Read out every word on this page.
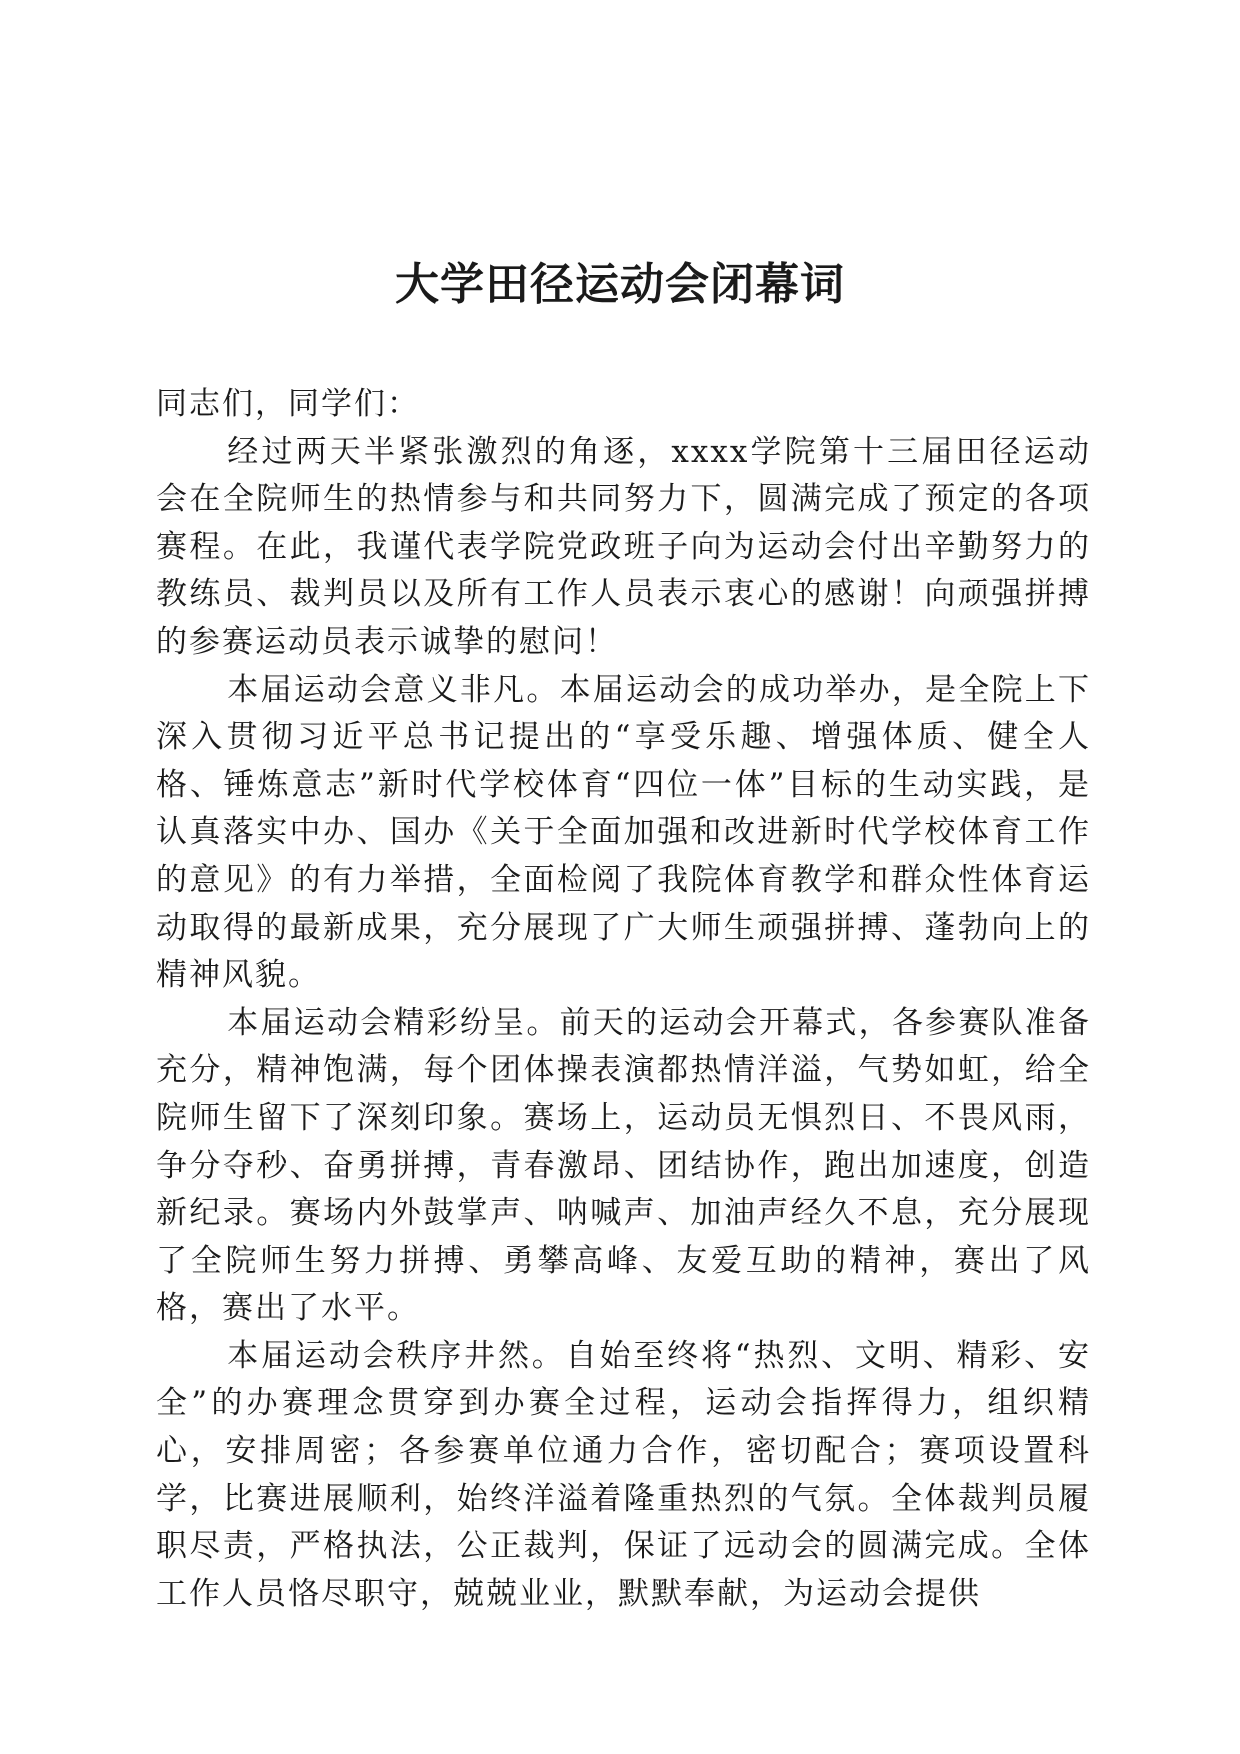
大学田径运动会闭幕词

同志们，同学们：

经过两天半紧张激烈的角逐，xxxx学院第十三届田径运动会在全院师生的热情参与和共同努力下，圆满完成了预定的各项赛程。在此，我谨代表学院党政班子向为运动会付出辛勤努力的教练员、裁判员以及所有工作人员表示衷心的感谢！向顽强拼搏的参赛运动员表示诚挚的慰问！

本届运动会意义非凡。本届运动会的成功举办，是全院上下深入贯彻习近平总书记提出的“享受乐趣、增强体质、健全人格、锤炼意志”新时代学校体育“四位一体”目标的生动实践，是认真落实中办、国办《关于全面加强和改进新时代学校体育工作的意见》的有力举措，全面检阅了我院体育教学和群众性体育运动取得的最新成果，充分展现了广大师生顽强拼搏、蓬勃向上的精神风貌。

本届运动会精彩纷呈。前天的运动会开幕式，各参赛队准备充分，精神饱满，每个团体操表演都热情洋溢，气势如虹，给全院师生留下了深刻印象。赛场上，运动员无惧烈日、不畏风雨，争分夺秒、奋勇拼搏，青春激昂、团结协作，跑出加速度，创造新纪录。赛场内外鼓掌声、呐喊声、加油声经久不息，充分展现了全院师生努力拼搏、勇攀高峰、友爱互助的精神，赛出了风格，赛出了水平。

本届运动会秩序井然。自始至终将“热烈、文明、精彩、安全”的办赛理念贯穿到办赛全过程，运动会指挥得力，组织精心，安排周密；各参赛单位通力合作，密切配合；赛项设置科学，比赛进展顺利，始终洋溢着隆重热烈的气氛。全体裁判员履职尽责，严格执法，公正裁判，保证了远动会的圆满完成。全体工作人员恪尽职守，兢兢业业，默默奉献，为运动会提供
